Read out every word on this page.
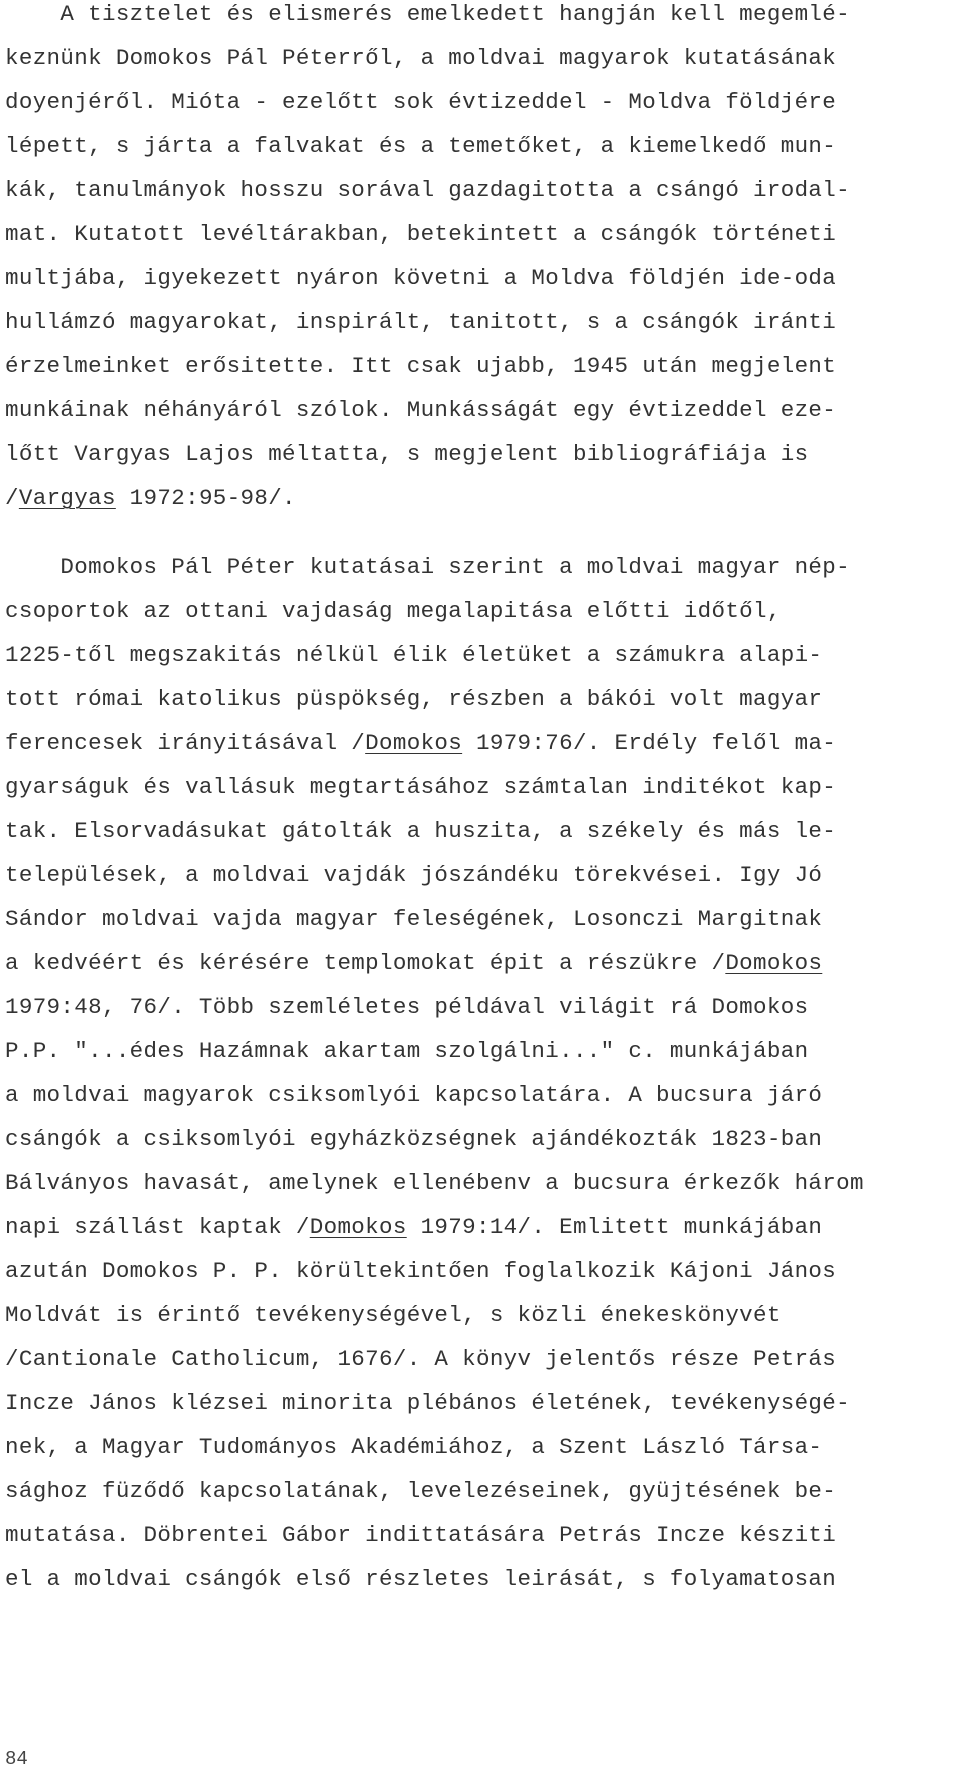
A tisztelet és elismerés emelkedett hangján kell megemlé-
keznünk Domokos Pál Péterről, a moldvai magyarok kutatásának
doyenjéről. Mióta - ezelőtt sok évtizeddel - Moldva földjére
lépett, s járta a falvakat és a temetőket, a kiemelkedő mun-
kák, tanulmányok hosszu sorával gazdagitotta a csángó irodal-
mat. Kutatott levéltárakban, betekintett a csángók történeti
multjába, igyekezett nyáron követni a Moldva földjén ide-oda
hullámzó magyarokat, inspirált, tanitott, s a csángók iránti
érzelmeinket erősitette. Itt csak ujabb, 1945 után megjelent
munkáinak néhányáról szólok. Munkásságát egy évtizeddel eze-
lőtt Vargyas Lajos méltatta, s megjelent bibliográfiája is
/Vargyas 1972:95-98/.
Domokos Pál Péter kutatásai szerint a moldvai magyar nép-
csoportok az ottani vajdaság megalapitása előtti időtől,
1225-től megszakitás nélkül élik életüket a számukra alapi-
tott római katolikus püspökség, részben a bákói volt magyar
ferencesek irányitásával /Domokos 1979:76/. Erdély felől ma-
gyarságuk és vallásuk megtartásához számtalan inditékot kap-
tak. Elsorvadásukat gátolták a huszita, a székely és más le-
települések, a moldvai vajdák jószándéku törekvései. Igy Jó
Sándor moldvai vajda magyar feleségének, Losonczi Margitnak
a kedvéért és kérésére templomokat épit a részükre /Domokos
1979:48, 76/. Több szemléletes példával világit rá Domokos
P.P. "...édes Hazámnak akartam szolgálni..." c. munkájában
a moldvai magyarok csiksomlyói kapcsolatára. A bucsura járó
csángók a csiksomlyói egyházközségnek ajándékozták 1823-ban
Bálványos havasát, amelynek ellenébenv a bucsura érkezők három
napi szállást kaptak /Domokos 1979:14/. Emlitett munkájában
azután Domokos P. P. körültekintően foglalkozik Kájoni János
Moldvát is érintő tevékenységével, s közli énekeskönyvét
/Cantionale Catholicum, 1676/. A könyv jelentős része Petrás
Incze János klézsei minorita plébános életének, tevékenységé-
nek, a Magyar Tudományos Akadémiához, a Szent László Társa-
sághoz füződő kapcsolatának, levelezéseinek, gyüjtésének be-
mutatása. Döbrentei Gábor indittatására Petrás Incze késziti
el a moldvai csángók első részletes leirását, s folyamatosan
84
